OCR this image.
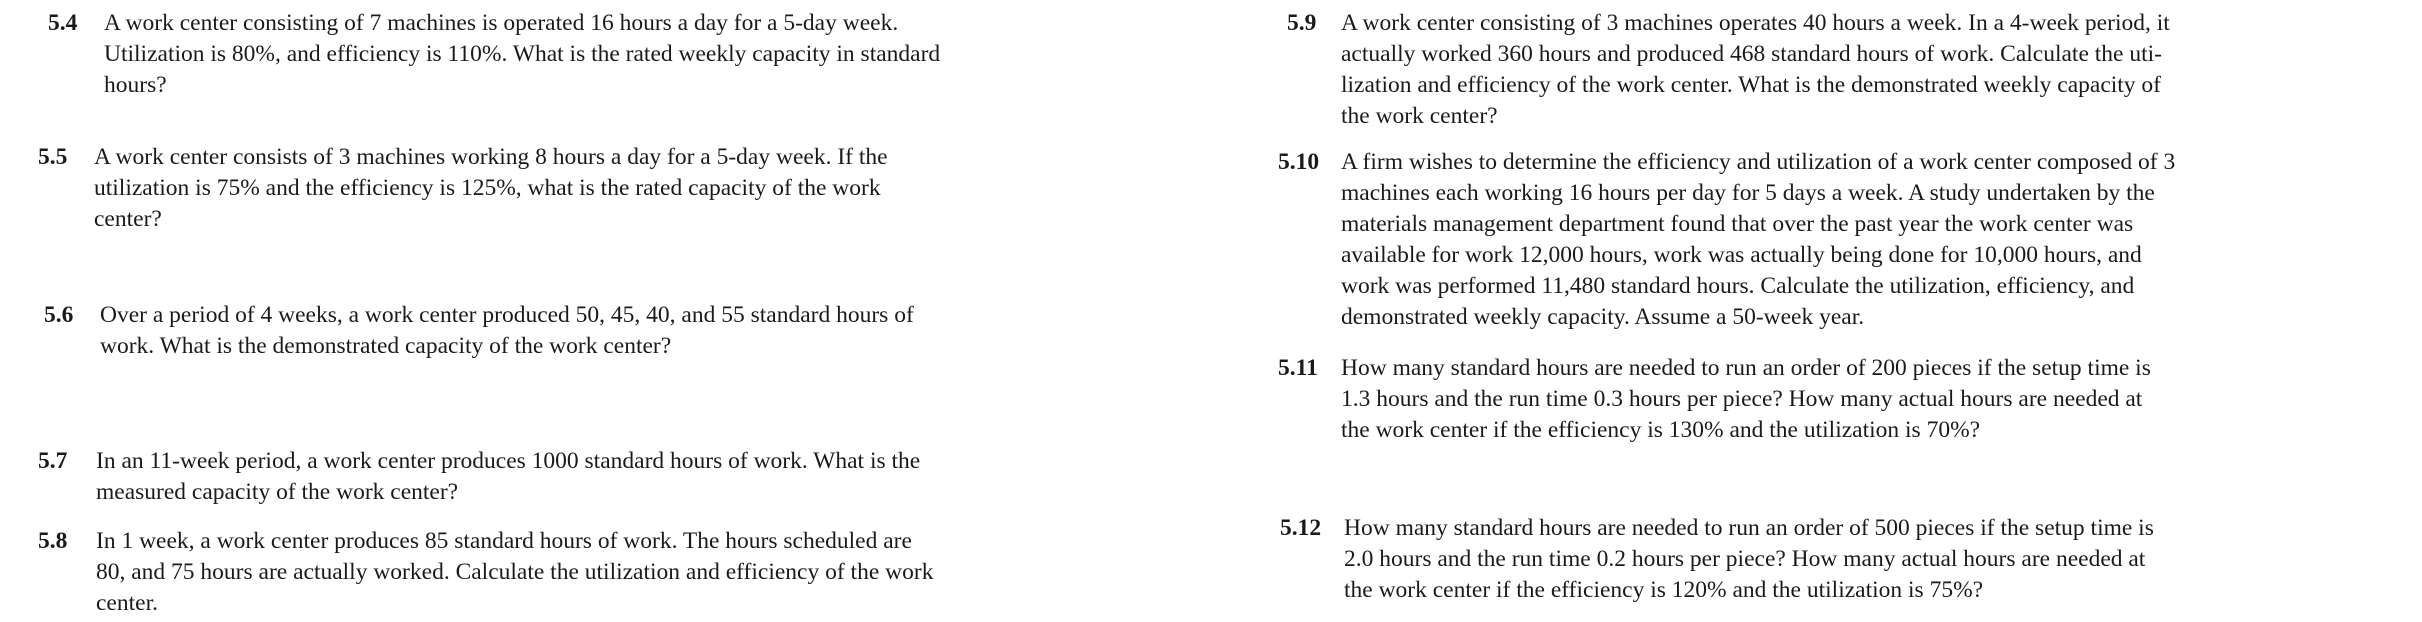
5.4 A work center consisting of 7 machines is operated 16 hours a day for a 5-day week.
Utilization is 80%, and efficiency is 110%. What is the rated weekly capacity in standard
hours?
5.5 A work center consists of 3 machines working 8 hours a day for a 5-day week. If the
utilization is 75% and the efficiency is 125%, what is the rated capacity of the work
center?
5.6 Over a period of 4 weeks, a work center produced 50, 45, 40, and 55 standard hours of
work. What is the demonstrated capacity of the work center?
5.7 In an 11-week period, a work center produces 1000 standard hours of work. What is the
measured capacity of the work center?
5.8 In 1 week, a work center produces 85 standard hours of work. The hours scheduled are
80, and 75 hours are actually worked. Calculate the utilization and efficiency of the work
center.
5.9 A work center consisting of 3 machines operates 40 hours a week. In a 4-week period, it
actually worked 360 hours and produced 468 standard hours of work. Calculate the uti-
lization and efficiency of the work center. What is the demonstrated weekly capacity of
the work center?
5.10 A firm wishes to determine the efficiency and utilization of a work center composed of 3
machines each working 16 hours per day for 5 days a week. A study undertaken by the
materials management department found that over the past year the work center was
available for work 12,000 hours, work was actually being done for 10,000 hours, and
work was performed 11,480 standard hours. Calculate the utilization, efficiency, and
demonstrated weekly capacity. Assume a 50-week year.
5.11 How many standard hours are needed to run an order of 200 pieces if the setup time is
1.3 hours and the run time 0.3 hours per piece? How many actual hours are needed at
the work center if the efficiency is 130% and the utilization is 70%?
5.12 How many standard hours are needed to run an order of 500 pieces if the setup time is
2.0 hours and the run time 0.2 hours per piece? How many actual hours are needed at
the work center if the efficiency is 120% and the utilization is 75%?
